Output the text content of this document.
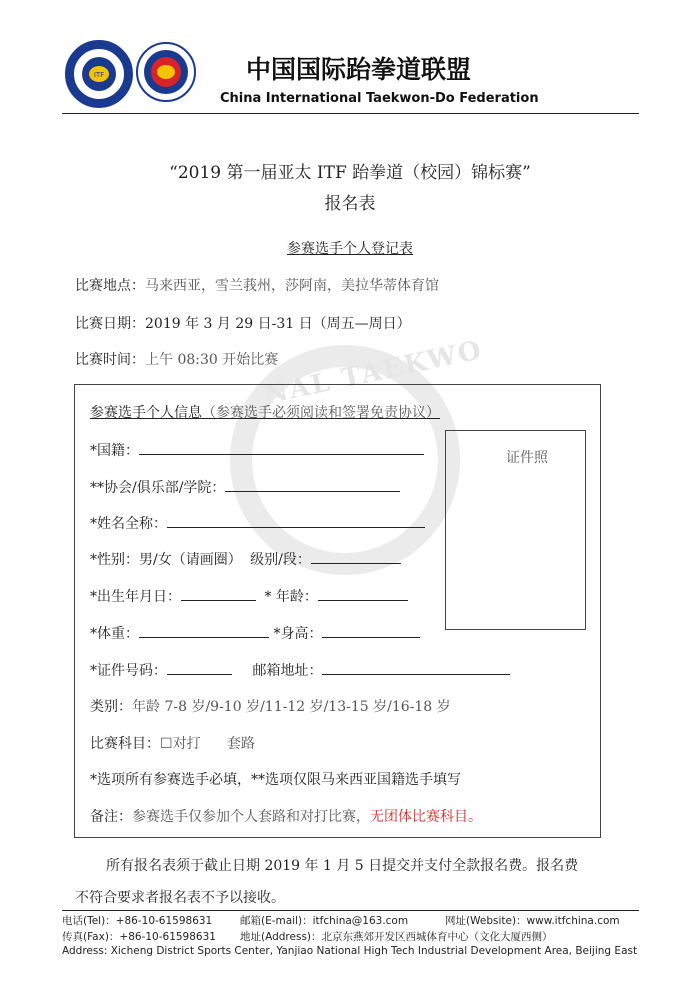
ITF	中国国际跆拳道联盟
China International Taekwon-Do Federation
“2019 第一届亚太 ITF 跆拳道（校园）锦标赛”
报名表
参赛选手个人登记表
比赛地点：马来西亚，雪兰莪州，莎阿南，美拉华蒂体育馆
比赛日期：2019 年 3 月 29 日-31 日（周五—周日）
比赛时间：上午 08:30 开始比赛
NAL TAEKWO
参赛选手个人信息（参赛选手必须阅读和签署免责协议）
证件照
*国籍：
**协会/俱乐部/学院：
*姓名全称：
*性别：男/女（请画圈） 级别/段：
*出生年月日：	* 年龄：
*体重：	*身高：
*证件号码：	邮箱地址：
类别：年龄 7-8 岁/9-10 岁/11-12 岁/13-15 岁/16-18 岁
比赛科目：☐对打 套路
*选项所有参赛选手必填，**选项仅限马来西亚国籍选手填写
备注：参赛选手仅参加个人套路和对打比赛，无团体比赛科目。
所有报名表须于截止日期 2019 年 1 月 5 日提交并支付全款报名费。报名费
不符合要求者报名表不予以接收。
电话(Tel)：+86-10-61598631	邮箱(E-mail)：itfchina@163.com	网址(Website)：www.itfchina.com
传真(Fax)：+86-10-61598631 地址(Address)：北京东燕郊开发区西城体育中心（文化大厦西侧）
Address: Xicheng District Sports Center, Yanjiao National High Tech Industrial Development Area, Beijing East
